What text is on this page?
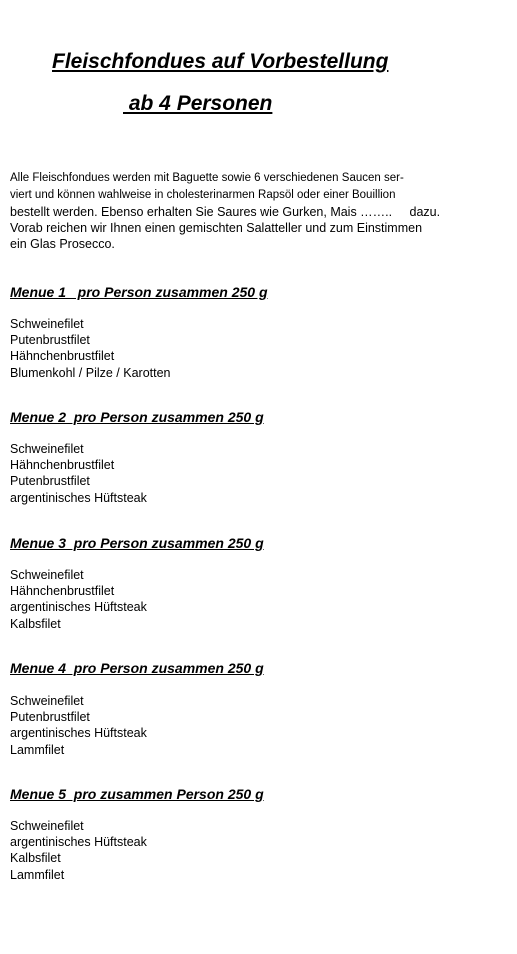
Fleischfondues auf Vorbestellung
ab 4 Personen
Alle Fleischfondues werden mit Baguette sowie 6 verschiedenen Saucen ser-
viert und können wahlweise in cholesterinarmen Rapsöl oder einer Bouillion
bestellt werden. Ebenso erhalten Sie Saures wie Gurken, Mais ……..     dazu.
Vorab reichen wir Ihnen einen gemischten Salatteller und zum Einstimmen
ein Glas Prosecco.
Menue 1   pro Person zusammen 250 g
Schweinefilet
Putenbrustfilet
Hähnchenbrustfilet
Blumenkohl / Pilze / Karotten
Menue 2  pro Person zusammen 250 g
Schweinefilet
Hähnchenbrustfilet
Putenbrustfilet
argentinisches Hüftsteak
Menue 3  pro Person zusammen 250 g
Schweinefilet
Hähnchenbrustfilet
argentinisches Hüftsteak
Kalbsfilet
Menue 4  pro Person zusammen 250 g
Schweinefilet
Putenbrustfilet
argentinisches Hüftsteak
Lammfilet
Menue 5  pro zusammen Person 250 g
Schweinefilet
argentinisches Hüftsteak
Kalbsfilet
Lammfilet
